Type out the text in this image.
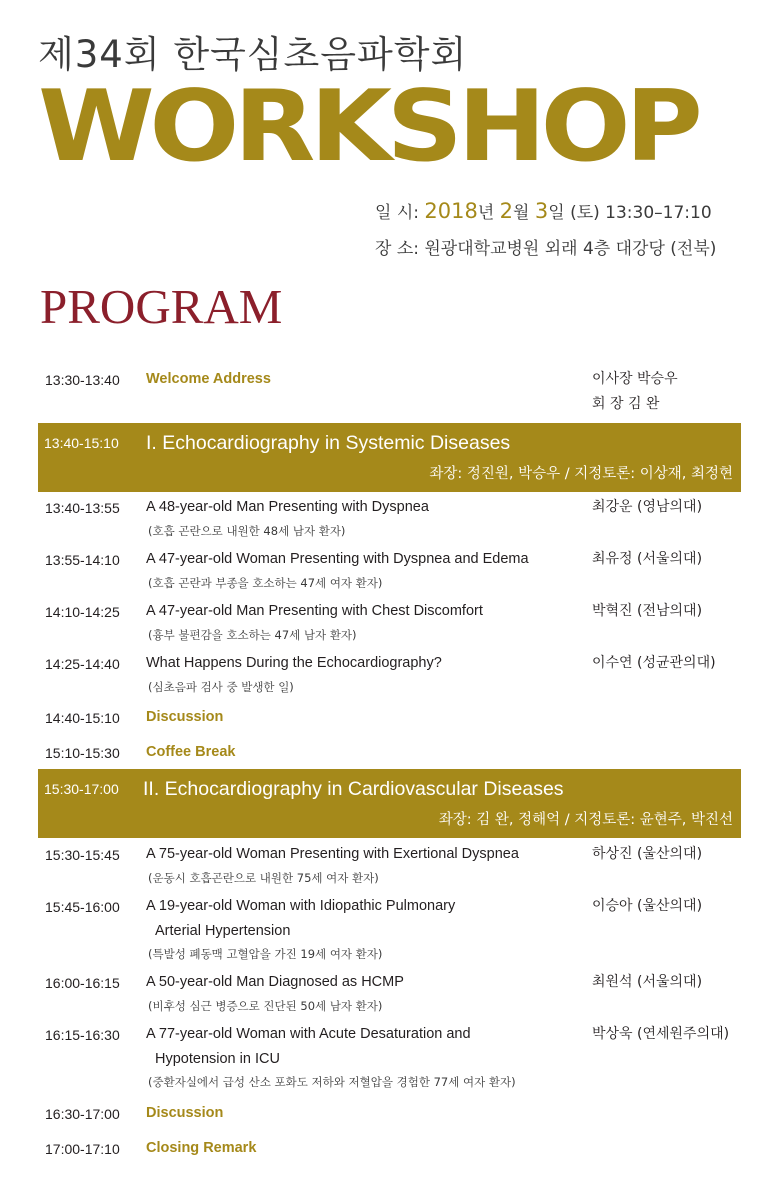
제34회 한국심초음파학회
WORKSHOP
일 시: 2018년 2월 3일 (토) 13:30–17:10
장 소: 원광대학교병원 외래 4층 대강당 (전북)
PROGRAM
13:30-13:40 Welcome Address	이사장 박승우
회 장 김 완
13:40-15:10 I. Echocardiography in Systemic Diseases
좌장: 정진원, 박승우 / 지정토론: 이상재, 최정현
13:40-13:55 A 48-year-old Man Presenting with Dyspnea
(호흡 곤란으로 내원한 48세 남자 환자)
최강운 (영남의대)
13:55-14:10 A 47-year-old Woman Presenting with Dyspnea and Edema
(호흡 곤란과 부종을 호소하는 47세 여자 환자)
최유정 (서울의대)
14:10-14:25 A 47-year-old Man Presenting with Chest Discomfort
(흉부 불편감을 호소하는 47세 남자 환자)
박혁진 (전남의대)
14:25-14:40 What Happens During the Echocardiography?
(심초음파 검사 중 발생한 일)
이수연 (성균관의대)
14:40-15:10 Discussion
15:10-15:30 Coffee Break
15:30-17:00 II. Echocardiography in Cardiovascular Diseases
좌장: 김 완, 정해억 / 지정토론: 윤현주, 박진선
15:30-15:45 A 75-year-old Woman Presenting with Exertional Dyspnea
(운동시 호흡곤란으로 내원한 75세 여자 환자)
하상진 (울산의대)
15:45-16:00 A 19-year-old Woman with Idiopathic Pulmonary
Arterial Hypertension
(특발성 폐동맥 고혈압을 가진 19세 여자 환자)
이승아 (울산의대)
16:00-16:15 A 50-year-old Man Diagnosed as HCMP
(비후성 심근 병증으로 진단된 50세 남자 환자)
최원석 (서울의대)
16:15-16:30 A 77-year-old Woman with Acute Desaturation and
Hypotension in ICU
(중환자실에서 급성 산소 포화도 저하와 저혈압을 경험한 77세 여자 환자)
박상욱 (연세원주의대)
16:30-17:00 Discussion
17:00-17:10 Closing Remark
